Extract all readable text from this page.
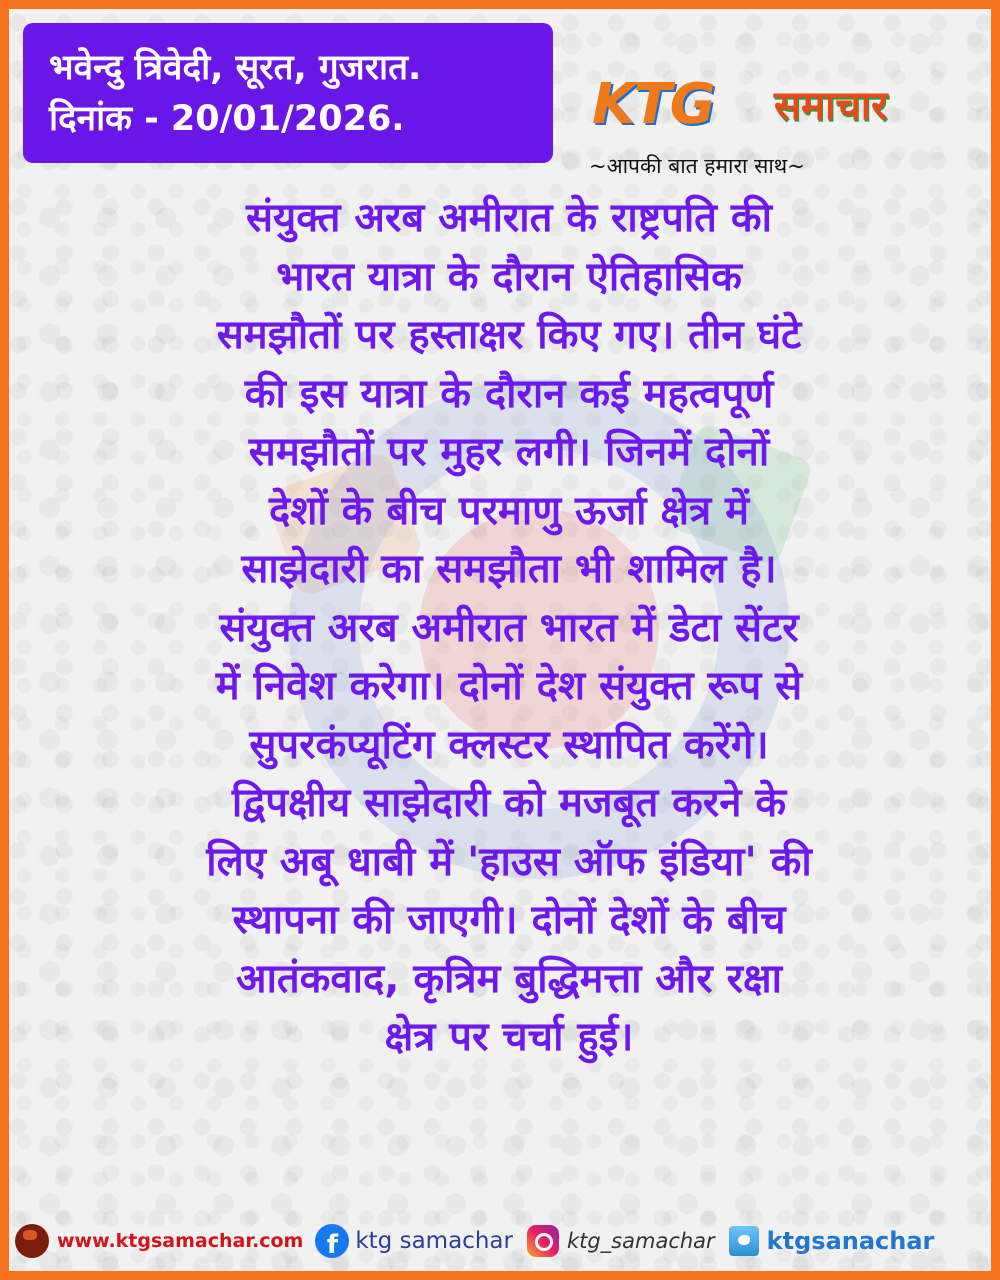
भवेन्दु त्रिवेदी, सूरत, गुजरात.
दिनांक - 20/01/2026.	KTG समाचार
~आपकी बात हमारा साथ~
संयुक्त अरब अमीरात के राष्ट्रपति की
भारत यात्रा के दौरान ऐतिहासिक
समझौतों पर हस्ताक्षर किए गए। तीन घंटे
की इस यात्रा के दौरान कई महत्वपूर्ण
समझौतों पर मुहर लगी। जिनमें दोनों
देशों के बीच परमाणु ऊर्जा क्षेत्र में
साझेदारी का समझौता भी शामिल है।
संयुक्त अरब अमीरात भारत में डेटा सेंटर
में निवेश करेगा। दोनों देश संयुक्त रूप से
सुपरकंप्यूटिंग क्लस्टर स्थापित करेंगे।
द्विपक्षीय साझेदारी को मजबूत करने के
लिए अबू धाबी में 'हाउस ऑफ इंडिया' की
स्थापना की जाएगी। दोनों देशों के बीच
आतंकवाद, कृत्रिम बुद्धिमत्ता और रक्षा
क्षेत्र पर चर्चा हुई।
www.ktgsamachar.com f ktg samachar	ktg_samachar ktgsanachar
